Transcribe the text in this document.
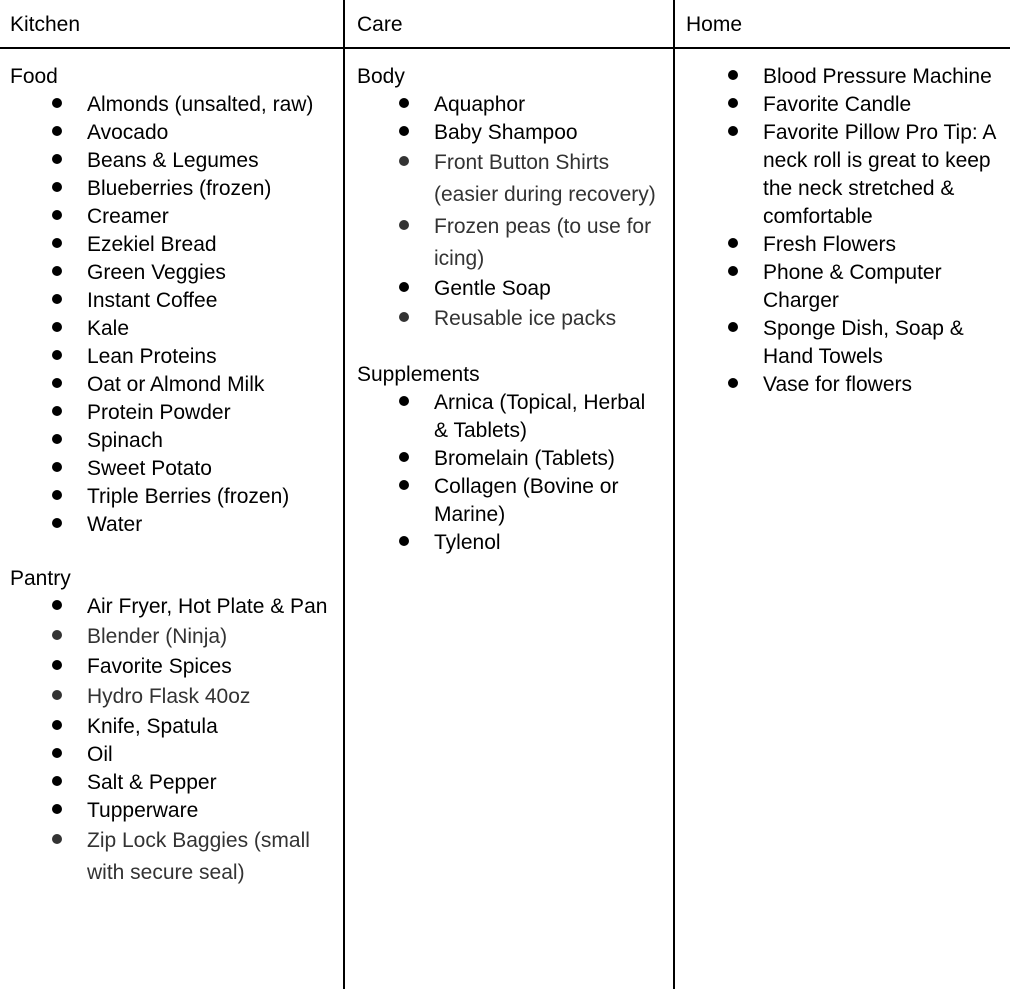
Kitchen
Food
Almonds (unsalted, raw)
Avocado
Beans & Legumes
Blueberries (frozen)
Creamer
Ezekiel Bread
Green Veggies
Instant Coffee
Kale
Lean Proteins
Oat or Almond Milk
Protein Powder
Spinach
Sweet Potato
Triple Berries (frozen)
Water
Pantry
Air Fryer, Hot Plate & Pan
Blender (Ninja)
Favorite Spices
Hydro Flask 40oz
Knife, Spatula
Oil
Salt & Pepper
Tupperware
Zip Lock Baggies (small with secure seal)
Care
Body
Aquaphor
Baby Shampoo
Front Button Shirts (easier during recovery)
Frozen peas (to use for icing)
Gentle Soap
Reusable ice packs
Supplements
Arnica (Topical, Herbal & Tablets)
Bromelain (Tablets)
Collagen (Bovine or Marine)
Tylenol
Home
Blood Pressure Machine
Favorite Candle
Favorite Pillow Pro Tip: A neck roll is great to keep the neck stretched & comfortable
Fresh Flowers
Phone & Computer Charger
Sponge Dish, Soap & Hand Towels
Vase for flowers
